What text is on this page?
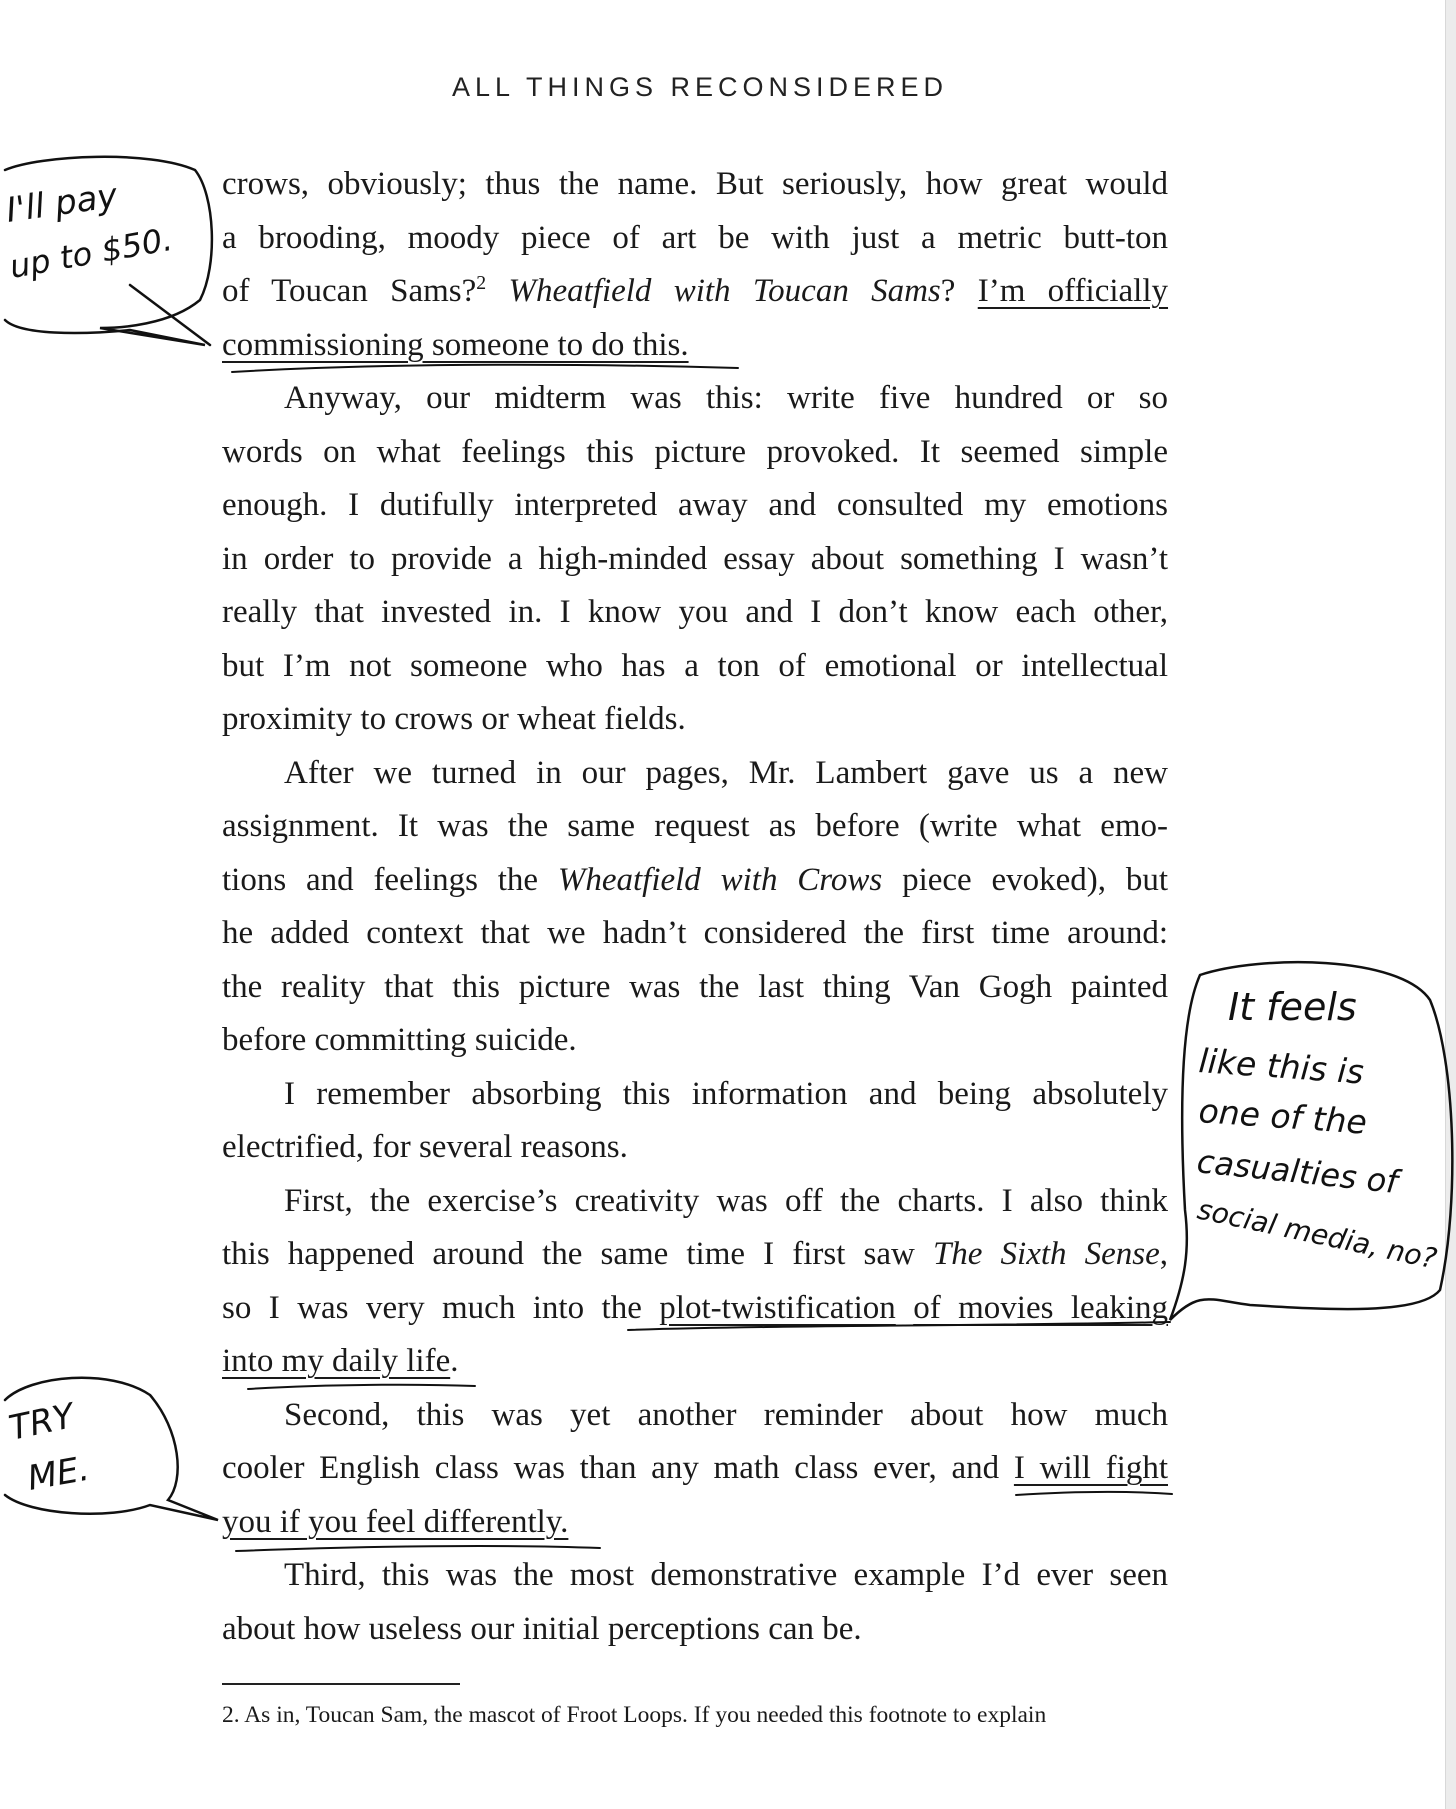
ALL THINGS RECONSIDERED
crows, obviously; thus the name. But seriously, how great would
a brooding, moody piece of art be with just a metric butt-ton
of Toucan Sams?$^2$ Wheatfield with Toucan Sams? I’m officially
commissioning someone to do this.
Anyway, our midterm was this: write five hundred or so
words on what feelings this picture provoked. It seemed simple
enough. I dutifully interpreted away and consulted my emotions
in order to provide a high-minded essay about something I wasn’t
really that invested in. I know you and I don’t know each other,
but I’m not someone who has a ton of emotional or intellectual
proximity to crows or wheat fields.
After we turned in our pages, Mr. Lambert gave us a new
assignment. It was the same request as before (write what emo-
tions and feelings the Wheatfield with Crows piece evoked), but
he added context that we hadn’t considered the first time around:
the reality that this picture was the last thing Van Gogh painted
before committing suicide.
I remember absorbing this information and being absolutely
electrified, for several reasons.
First, the exercise’s creativity was off the charts. I also think
this happened around the same time I first saw The Sixth Sense,
so I was very much into the plot-twistification of movies leaking
into my daily life.
Second, this was yet another reminder about how much
cooler English class was than any math class ever, and I will fight
you if you feel differently.
Third, this was the most demonstrative example I’d ever seen
about how useless our initial perceptions can be.
2. As in, Toucan Sam, the mascot of Froot Loops. If you needed this footnote to explain
I'll pay
up to $50.
TRY
ME.
It feels
like this is
one of the
casualties of
social media, no?
